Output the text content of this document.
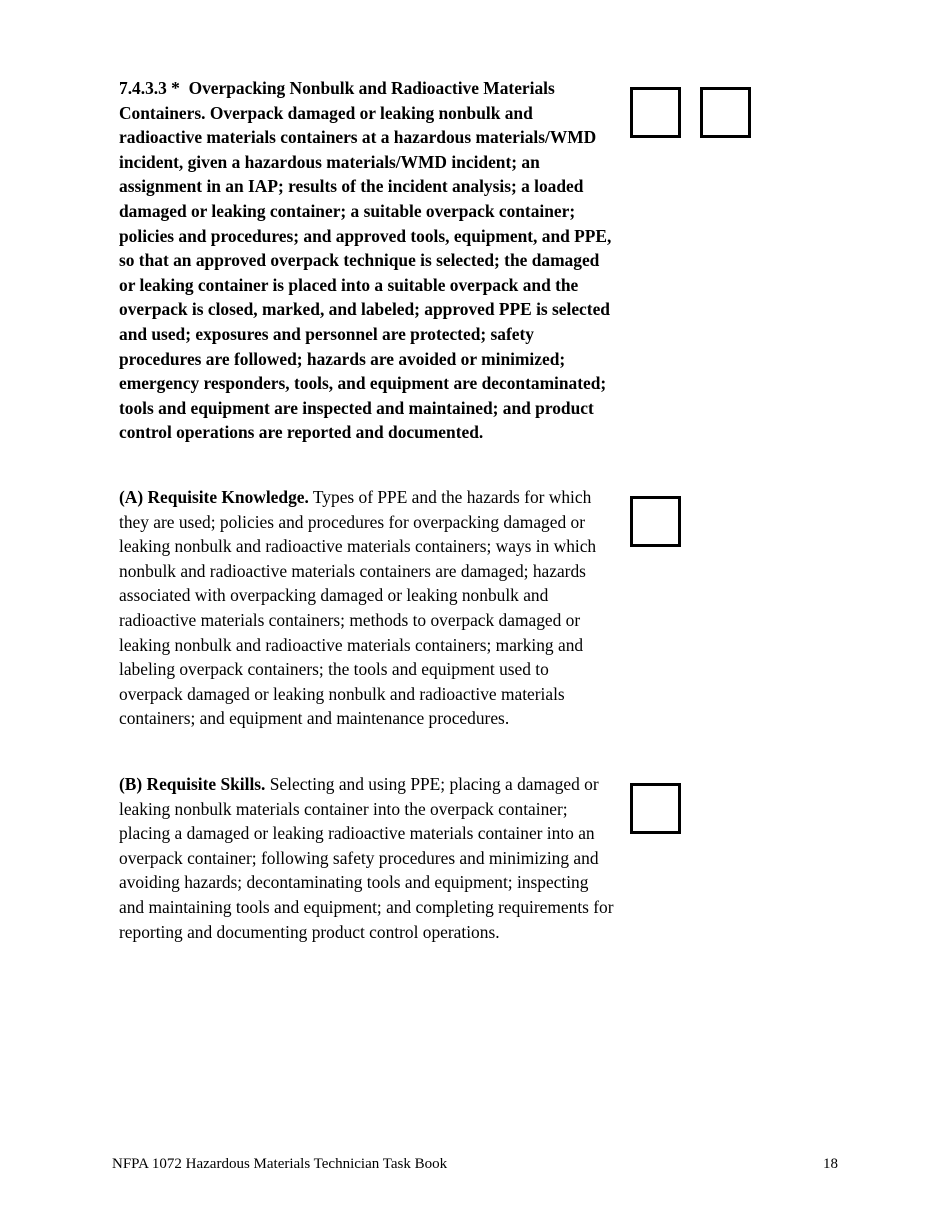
7.4.3.3 * Overpacking Nonbulk and Radioactive Materials Containers. Overpack damaged or leaking nonbulk and radioactive materials containers at a hazardous materials/WMD incident, given a hazardous materials/WMD incident; an assignment in an IAP; results of the incident analysis; a loaded damaged or leaking container; a suitable overpack container; policies and procedures; and approved tools, equipment, and PPE, so that an approved overpack technique is selected; the damaged or leaking container is placed into a suitable overpack and the overpack is closed, marked, and labeled; approved PPE is selected and used; exposures and personnel are protected; safety procedures are followed; hazards are avoided or minimized; emergency responders, tools, and equipment are decontaminated; tools and equipment are inspected and maintained; and product control operations are reported and documented.

(A) Requisite Knowledge. Types of PPE and the hazards for which they are used; policies and procedures for overpacking damaged or leaking nonbulk and radioactive materials containers; ways in which nonbulk and radioactive materials containers are damaged; hazards associated with overpacking damaged or leaking nonbulk and radioactive materials containers; methods to overpack damaged or leaking nonbulk and radioactive materials containers; marking and labeling overpack containers; the tools and equipment used to overpack damaged or leaking nonbulk and radioactive materials containers; and equipment and maintenance procedures.

(B) Requisite Skills. Selecting and using PPE; placing a damaged or leaking nonbulk materials container into the overpack container; placing a damaged or leaking radioactive materials container into an overpack container; following safety procedures and minimizing and avoiding hazards; decontaminating tools and equipment; inspecting and maintaining tools and equipment; and completing requirements for reporting and documenting product control operations.

NFPA 1072 Hazardous Materials Technician Task Book	18
